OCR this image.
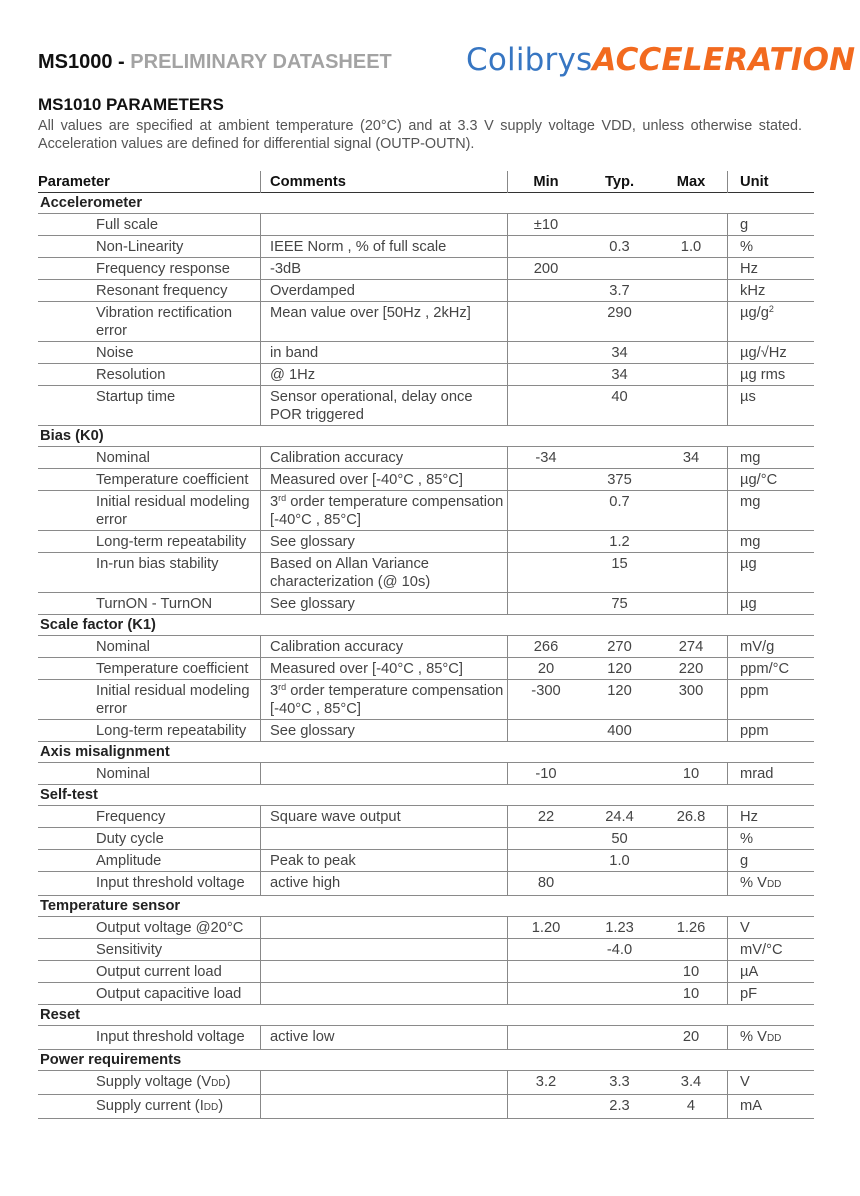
MS1000 - PRELIMINARY DATASHEET ColibrysACCELERATION
MS1010 PARAMETERS
All values are specified at ambient temperature (20°C) and at 3.3 V supply voltage VDD, unless otherwise stated. Acceleration values are defined for differential signal (OUTP-OUTN).
Parameter	Comments	Min	Typ.	Max	Unit
Accelerometer					

Full scale		±10			g

Non-Linearity	IEEE Norm , % of full scale		0.3	1.0	%

Frequency response	-3dB	200			Hz

Resonant frequency	Overdamped		3.7		kHz

Vibration rectification error	Mean value over [50Hz , 2kHz]		290		$\mu g/g^2$

Noise	in band		34		µg/√Hz

Resolution	@ 1Hz		34		µg rms

Startup time	Sensor operational, delay once POR triggered		40		µs
Bias (K0)					

Nominal	Calibration accuracy	-34		34	mg

Temperature coefficient	Measured over [-40°C , 85°C]		375		µg/°C

Initial residual modeling error	3rd order temperature compensation [-40°C , 85°C]		0.7		mg

Long-term repeatability	See glossary		1.2		mg

In-run bias stability	Based on Allan Variance characterization (@ 10s)		15		µg

TurnON - TurnON	See glossary		75		µg
Scale factor (K1)					

Nominal	Calibration accuracy	266	270	274	mV/g

Temperature coefficient	Measured over [-40°C , 85°C]	20	120	220	ppm/°C

Initial residual modeling error	3rd order temperature compensation [-40°C , 85°C]	-300	120	300	ppm

Long-term repeatability	See glossary		400		ppm
Axis misalignment					

Nominal		-10		10	mrad
Self-test					

Frequency	Square wave output	22	24.4	26.8	Hz

Duty cycle			50		%

Amplitude	Peak to peak		1.0		g

Input threshold voltage	active high	80			% VDD
Temperature sensor					

Output voltage @20°C		1.20	1.23	1.26	V

Sensitivity			-4.0		mV/°C

Output current load				10	µA

Output capacitive load				10	pF
Reset					

Input threshold voltage	active low			20	% VDD
Power requirements					

Supply voltage (VDD)		3.2	3.3	3.4	V

Supply current (IDD)			2.3	4	mA
